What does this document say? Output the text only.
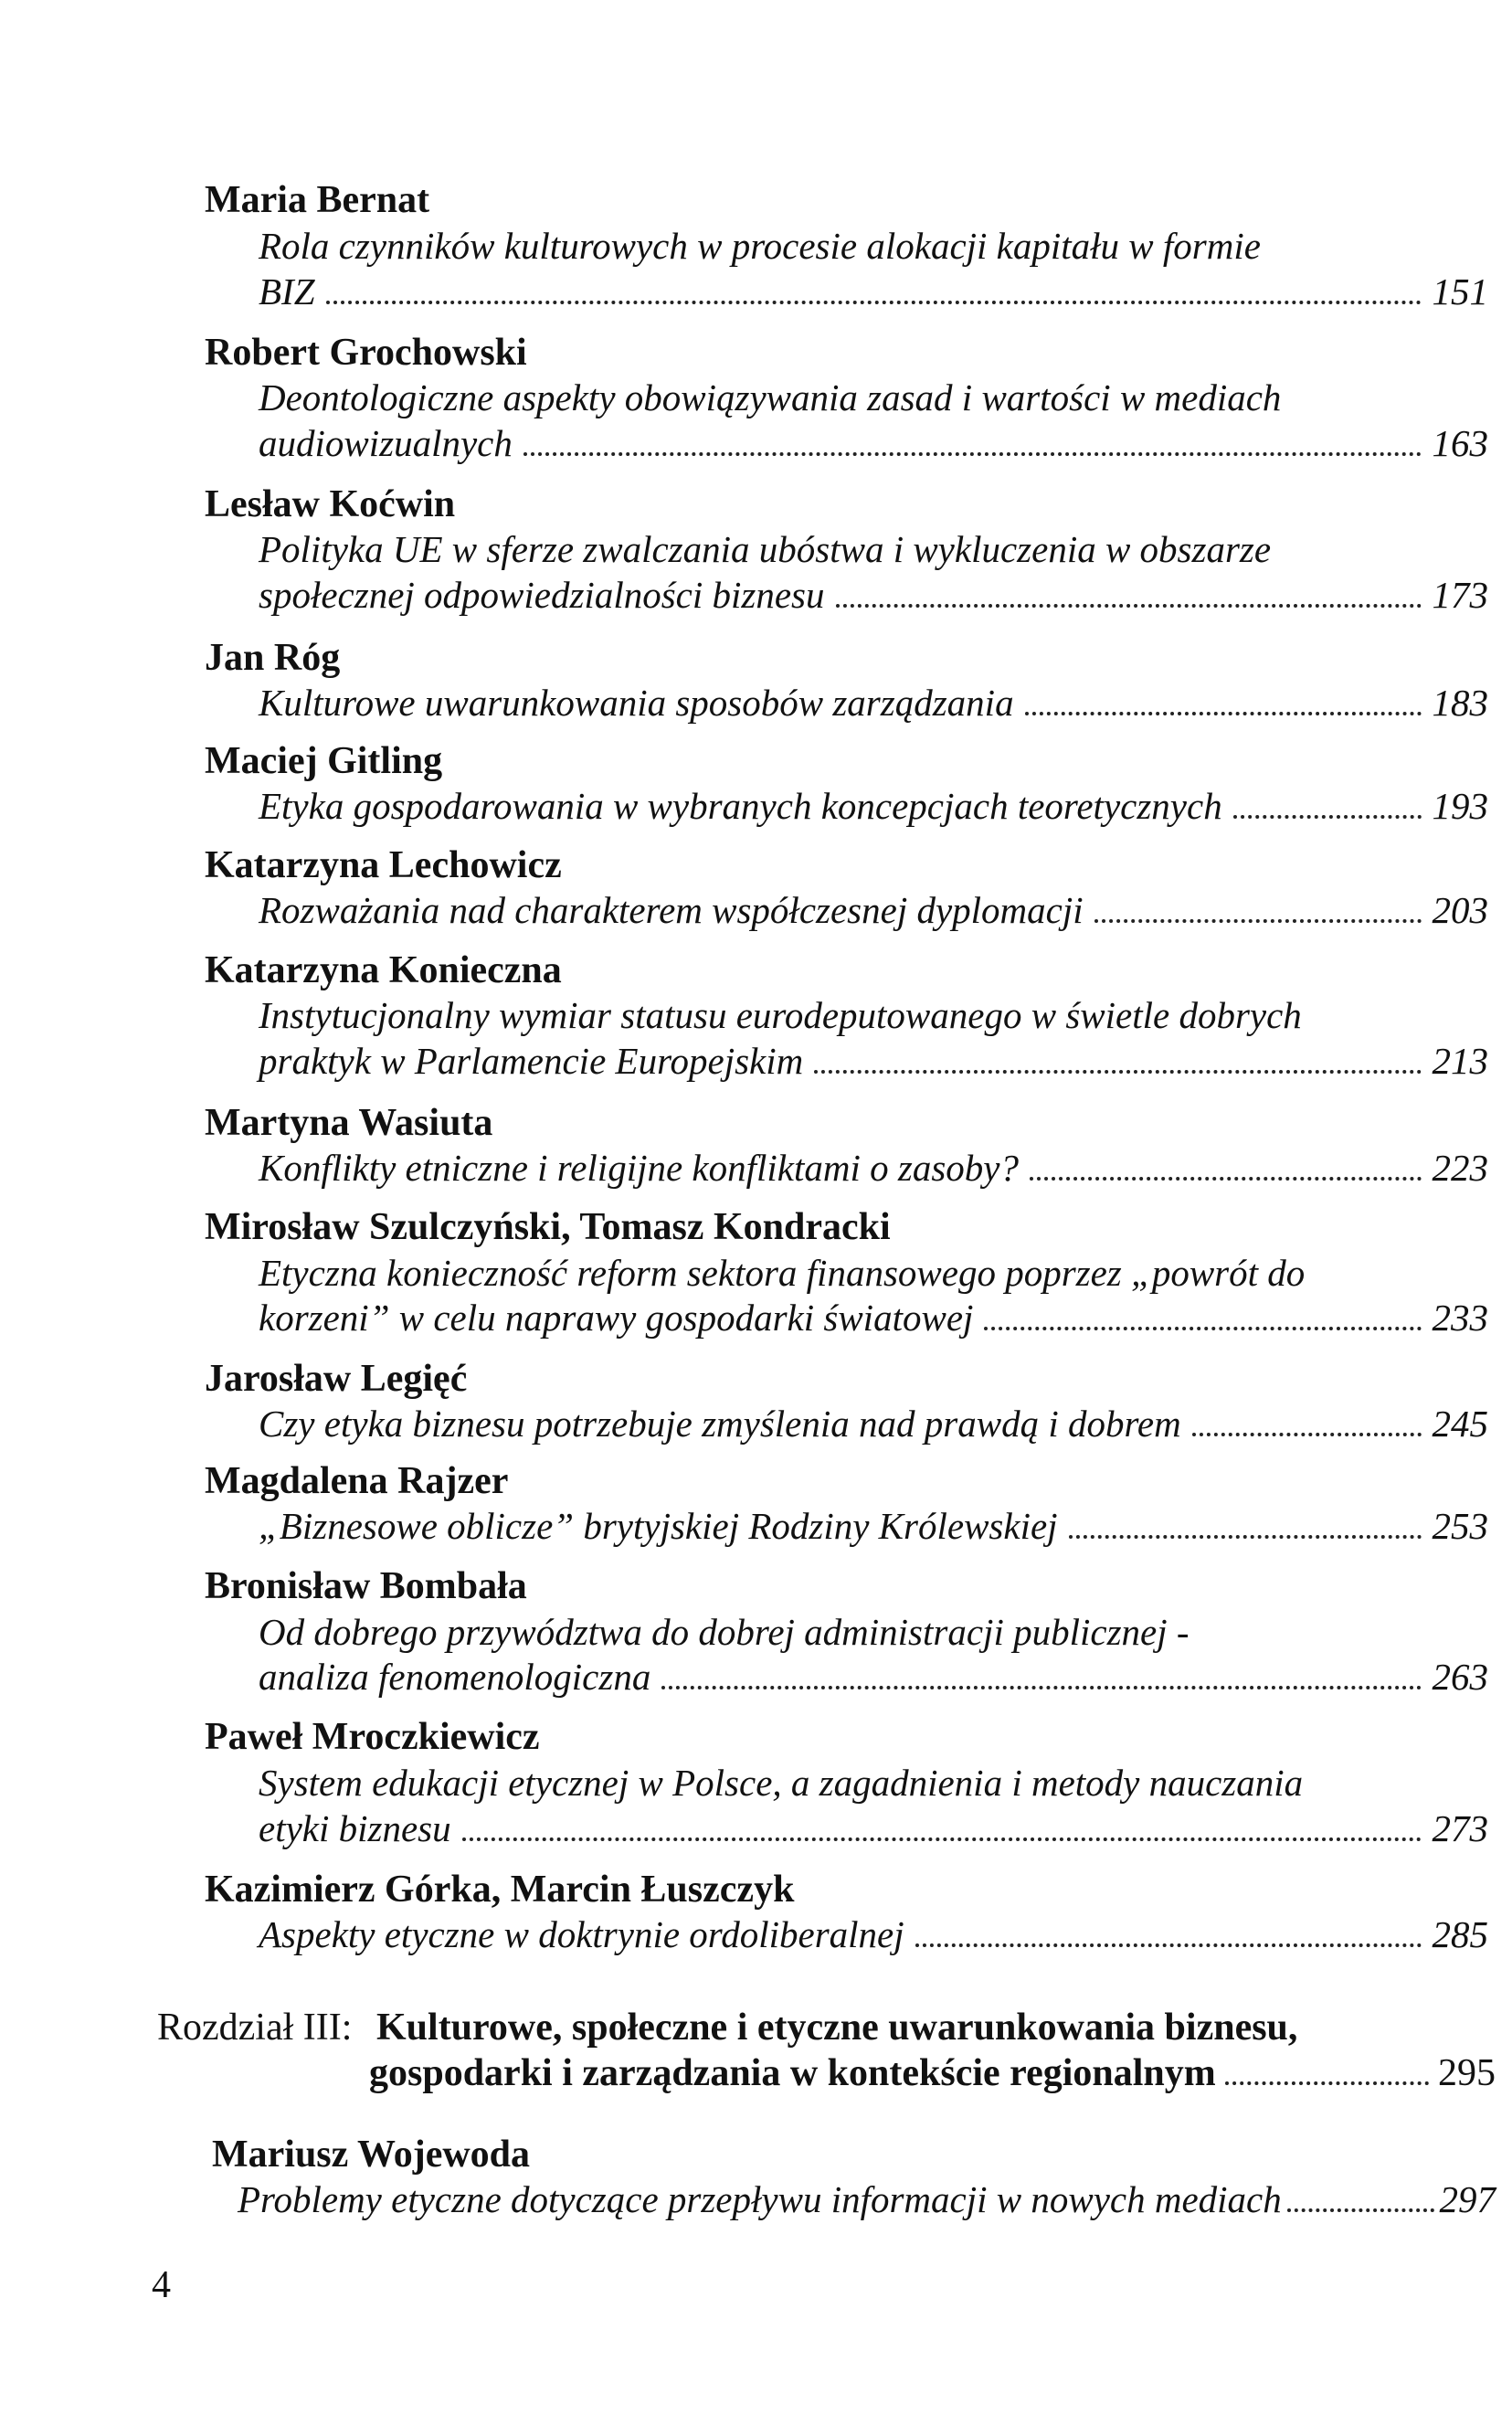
Maria Bernat
Rola czynników kulturowych w procesie alokacji kapitału w formie
BIZ	151
Robert Grochowski
Deontologiczne aspekty obowiązywania zasad i wartości w mediach
audiowizualnych	163
Lesław Koćwin
Polityka UE w sferze zwalczania ubóstwa i wykluczenia w obszarze
społecznej odpowiedzialności biznesu	173
Jan Róg
Kulturowe uwarunkowania sposobów zarządzania	183
Maciej Gitling
Etyka gospodarowania w wybranych koncepcjach teoretycznych	193
Katarzyna Lechowicz
Rozważania nad charakterem współczesnej dyplomacji	203
Katarzyna Konieczna
Instytucjonalny wymiar statusu eurodeputowanego w świetle dobrych
praktyk w Parlamencie Europejskim	213
Martyna Wasiuta
Konflikty etniczne i religijne konfliktami o zasoby?	223
Mirosław Szulczyński, Tomasz Kondracki
Etyczna konieczność reform sektora finansowego poprzez „powrót do
korzeni” w celu naprawy gospodarki światowej	233
Jarosław Legięć
Czy etyka biznesu potrzebuje zmyślenia nad prawdą i dobrem	245
Magdalena Rajzer
„Biznesowe oblicze” brytyjskiej Rodziny Królewskiej	253
Bronisław Bombała
Od dobrego przywództwa do dobrej administracji publicznej -
analiza fenomenologiczna	263
Paweł Mroczkiewicz
System edukacji etycznej w Polsce, a zagadnienia i metody nauczania
etyki biznesu	273
Kazimierz Górka, Marcin Łuszczyk
Aspekty etyczne w doktrynie ordoliberalnej	285
Rozdział III: Kulturowe, społeczne i etyczne uwarunkowania biznesu,
gospodarki i zarządzania w kontekście regionalnym	295
Mariusz Wojewoda
Problemy etyczne dotyczące przepływu informacji w nowych mediach	297
4
